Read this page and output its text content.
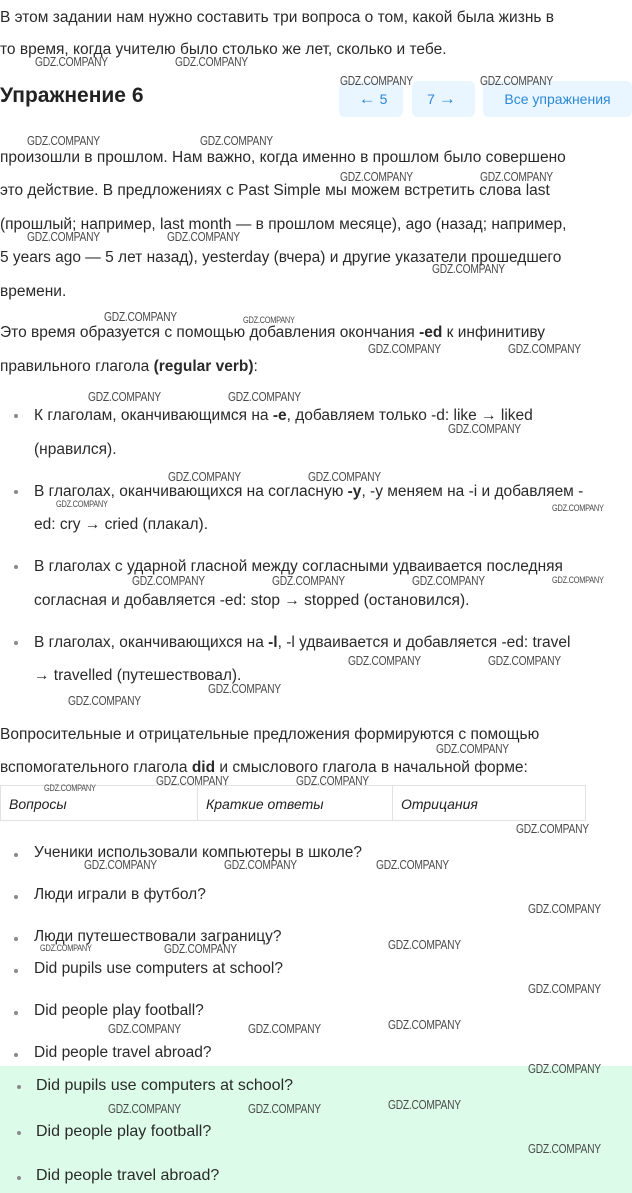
В этом задании нам нужно составить три вопроса о том, какой была жизнь в

то время, когда учителю было столько же лет, сколько и тебе.

Упражнение 6	← 5	7 →	Все упражнения

произошли в прошлом. Нам важно, когда именно в прошлом было совершено

это действие. В предложениях с Past Simple мы можем встретить слова last

(прошлый; например, last month — в прошлом месяце), ago (назад; например,

5 years ago — 5 лет назад), yesterday (вчера) и другие указатели прошедшего

времени.

Это время образуется с помощью добавления окончания -ed к инфинитиву

правильного глагола (regular verb):

К глаголам, оканчивающимся на -e, добавляем только -d: like → liked

(нравился).

В глаголах, оканчивающихся на согласную -y, -y меняем на -i и добавляем -

ed: cry → cried (плакал).

В глаголах с ударной гласной между согласными удваивается последняя

согласная и добавляется -ed: stop → stopped (остановился).

В глаголах, оканчивающихся на -l, -l удваивается и добавляется -ed: travel

→ travelled (путешествовал).

Вопросительные и отрицательные предложения формируются с помощью

вспомогательного глагола did и смыслового глагола в начальной форме:

Вопросы	Краткие ответы	Отрицания

Ученики использовали компьютеры в школе?

Люди играли в футбол?

Люди путешествовали заграницу?

Did pupils use computers at school?

Did people play football?

Did people travel abroad?

Did pupils use computers at school?

Did people play football?

Did people travel abroad?

GDZ.COMPANY	GDZ.COMPANY
GDZ.COMPANY	GDZ.COMPANY
GDZ.COMPANY	GDZ.COMPANY
GDZ.COMPANY	GDZ.COMPANY
GDZ.COMPANY	GDZ.COMPANY
GDZ.COMPANY
GDZ.COMPANY	GDZ.COMPANY
GDZ.COMPANY	GDZ.COMPANY
GDZ.COMPANY	GDZ.COMPANY
GDZ.COMPANY
GDZ.COMPANY	GDZ.COMPANY
GDZ.COMPANY	GDZ.COMPANY
GDZ.COMPANY	GDZ.COMPANY	GDZ.COMPANY	GDZ.COMPANY
GDZ.COMPANY	GDZ.COMPANY
GDZ.COMPANY
GDZ.COMPANY
GDZ.COMPANY
GDZ.COMPANY	GDZ.COMPANY
GDZ.COMPANY
GDZ.COMPANY
GDZ.COMPANY	GDZ.COMPANY	GDZ.COMPANY
GDZ.COMPANY
GDZ.COMPANY
GDZ.COMPANY	GDZ.COMPANY
GDZ.COMPANY
GDZ.COMPANY	GDZ.COMPANY	GDZ.COMPANY
GDZ.COMPANY
GDZ.COMPANY	GDZ.COMPANY	GDZ.COMPANY
GDZ.COMPANY
